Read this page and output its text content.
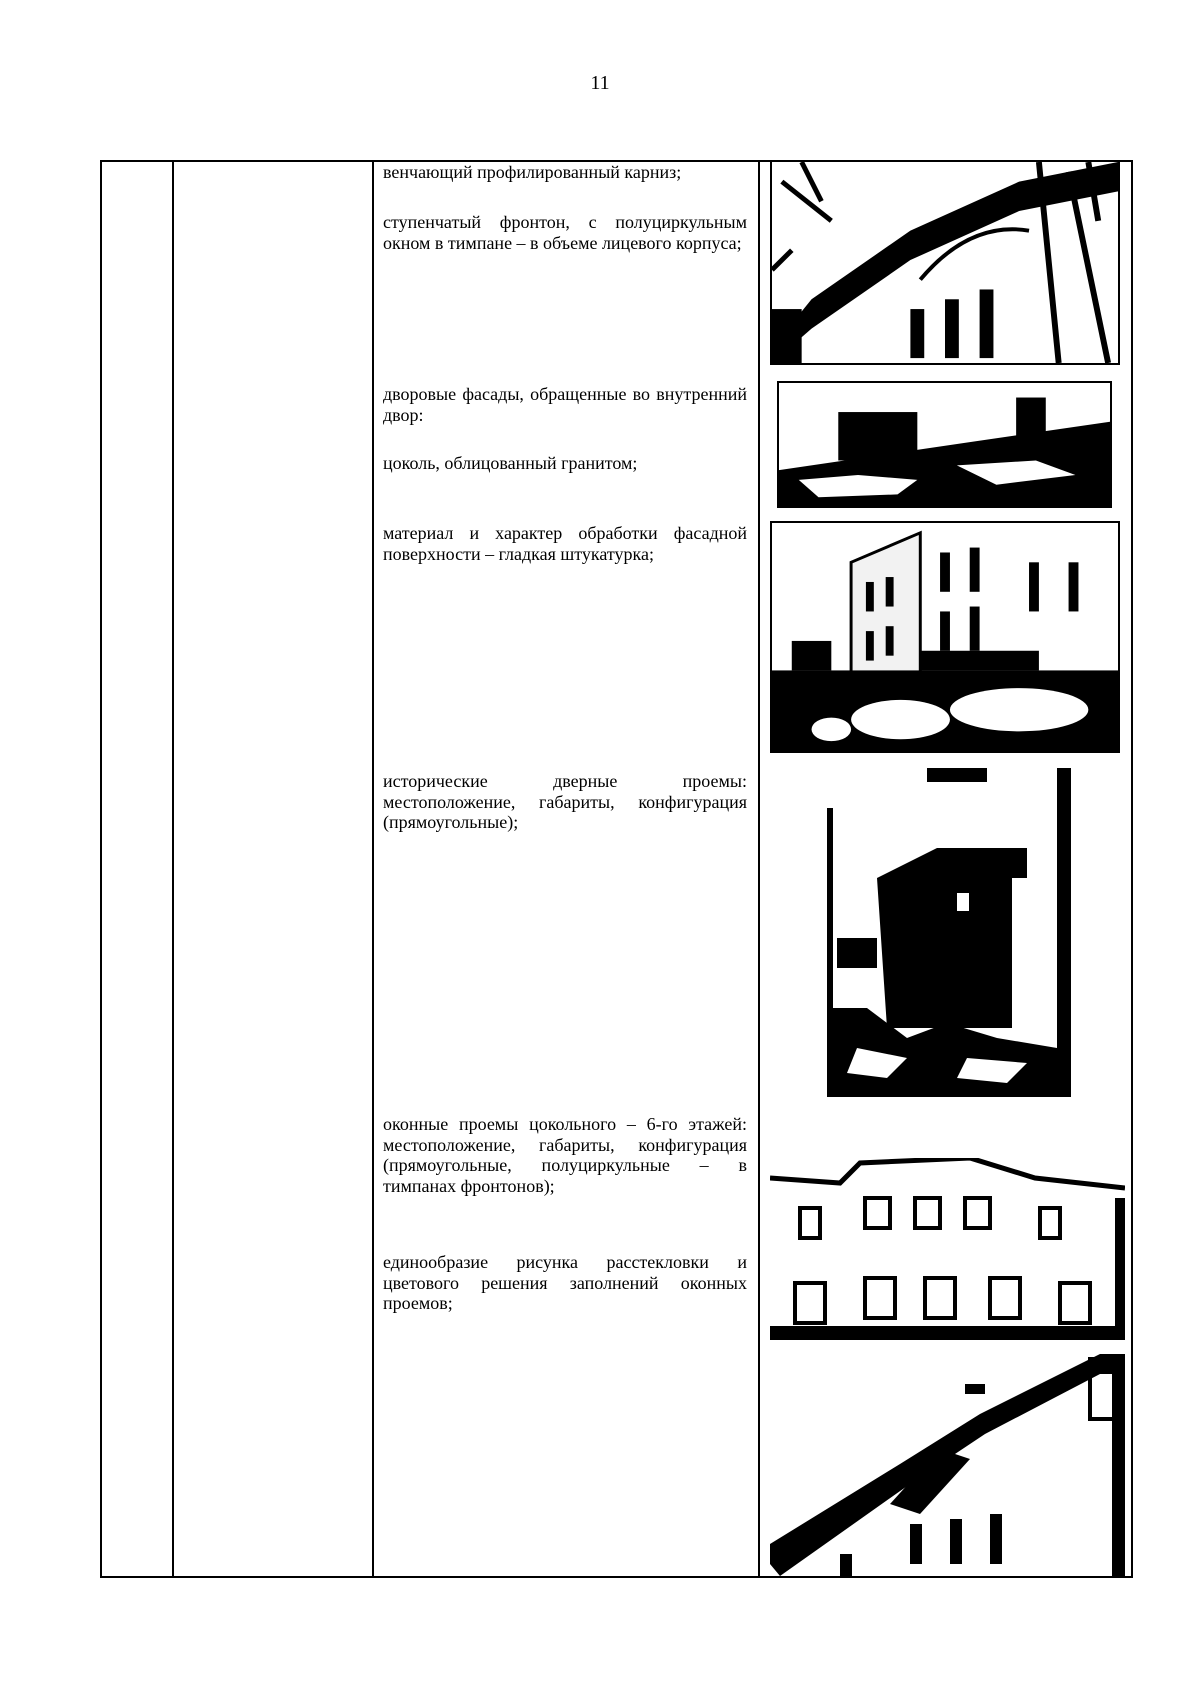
11
венчающий профилированный карниз;
ступенчатый фронтон, с полуциркульным окном в тимпане – в объеме лицевого корпуса;
дворовые фасады, обращенные во внутренний двор:
цоколь, облицованный гранитом;
материал и характер обработки фасадной поверхности – гладкая штукатурка;
исторические дверные проемы: местоположение, габариты, конфигурация (прямоугольные);
оконные проемы цокольного – 6-го этажей: местоположение, габариты, конфигурация (прямоугольные, полуциркульные – в тимпанах фронтонов);
единообразие рисунка расстекловки и цветового решения заполнений оконных проемов;
